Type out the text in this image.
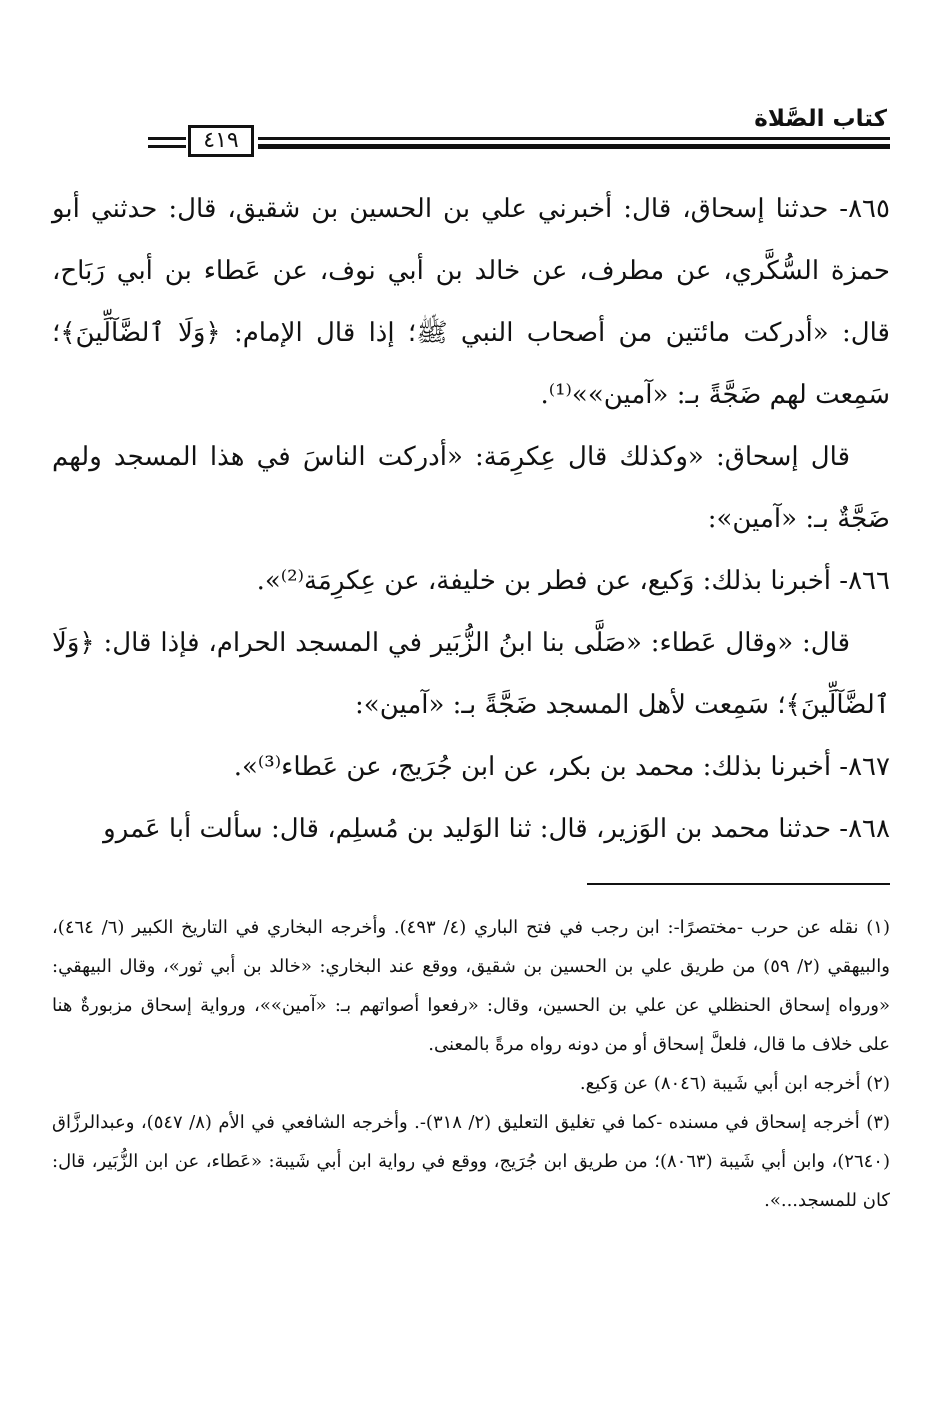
كتاب الصَّلاة
٤١٩

٨٦٥- حدثنا إسحاق، قال: أخبرني علي بن الحسين بن شقيق، قال: حدثني أبو حمزة السُّكَّري، عن مطرف، عن خالد بن أبي نوف، عن عَطاء بن أبي رَبَاح، قال: «أدركت مائتين من أصحاب النبي ﷺ؛ إذا قال الإمام: ﴿وَلَا ٱلضَّآلِّينَ﴾؛ سَمِعت لهم ضَجَّةً بـ: «آمين»»⁽¹⁾.

قال إسحاق: «وكذلك قال عِكرِمَة: «أدركت الناسَ في هذا المسجد ولهم ضَجَّةٌ بـ: «آمين»:

٨٦٦- أخبرنا بذلك: وَكيع، عن فطر بن خليفة، عن عِكرِمَة⁽²⁾».

قال: «وقال عَطاء: «صَلَّى بنا ابنُ الزُّبَير في المسجد الحرام، فإذا قال: ﴿وَلَا ٱلضَّآلِّينَ﴾؛ سَمِعت لأهل المسجد ضَجَّةً بـ: «آمين»:

٨٦٧- أخبرنا بذلك: محمد بن بكر، عن ابن جُرَيج، عن عَطاء⁽³⁾».

٨٦٨- حدثنا محمد بن الوَزير، قال: ثنا الوَليد بن مُسلِم، قال: سألت أبا عَمرو

(١) نقله عن حرب -مختصرًا-: ابن رجب في فتح الباري (٤/ ٤٩٣). وأخرجه البخاري في التاريخ الكبير (٦/ ٤٦٤)، والبيهقي (٢/ ٥٩) من طريق علي بن الحسين بن شقيق، ووقع عند البخاري: «خالد بن أبي ثور»، وقال البيهقي: «ورواه إسحاق الحنظلي عن علي بن الحسين، وقال: «رفعوا أصواتهم بـ: «آمين»»، ورواية إسحاق مزبورةٌ هنا على خلاف ما قال، فلعلَّ إسحاق أو من دونه رواه مرةً بالمعنى.

(٢) أخرجه ابن أبي شَيبة (٨٠٤٦) عن وَكيع.

(٣) أخرجه إسحاق في مسنده -كما في تغليق التعليق (٢/ ٣١٨)-. وأخرجه الشافعي في الأم (٨/ ٥٤٧)، وعبدالرزَّاق (٢٦٤٠)، وابن أبي شَيبة (٨٠٦٣)؛ من طريق ابن جُرَيج، ووقع في رواية ابن أبي شَيبة: «عَطاء، عن ابن الزُّبَير، قال: كان للمسجد...».
